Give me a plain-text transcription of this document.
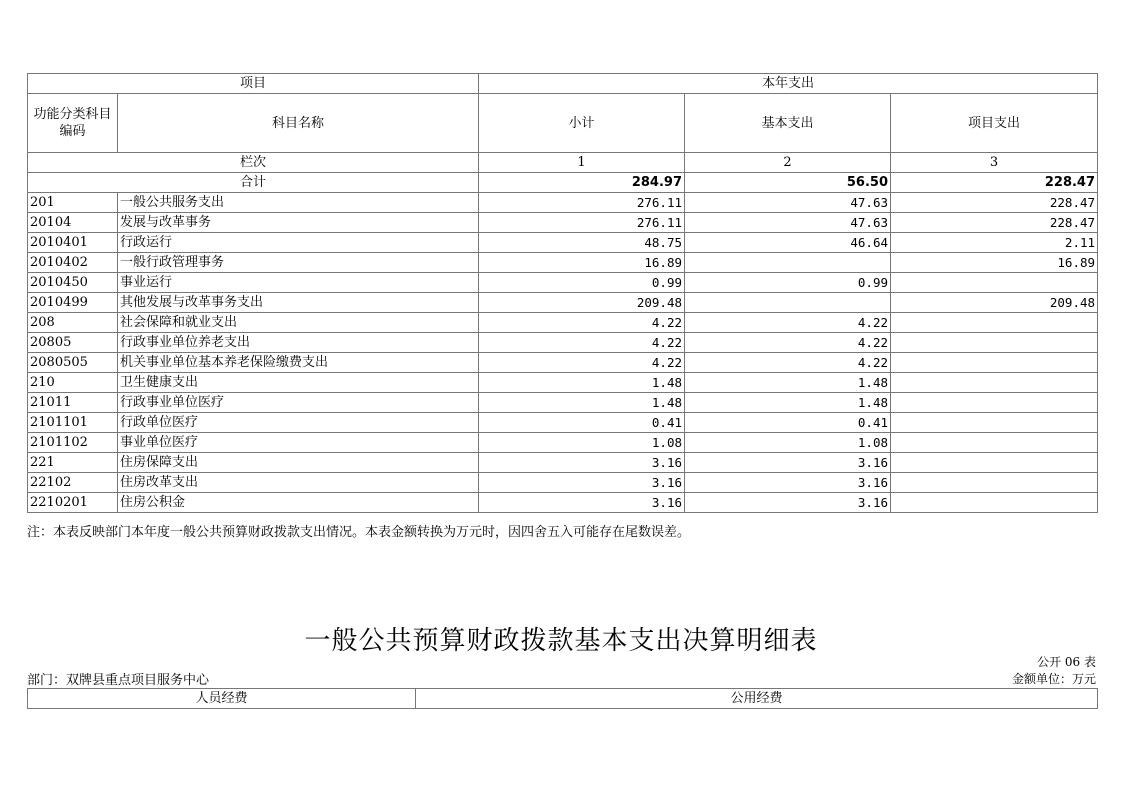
项目		本年支出		
功能分类科目编码	科目名称	小计	基本支出	项目支出
栏次		1	2	3
合计		284.97	56.50	228.47
201	一般公共服务支出	276.11	47.63	228.47
20104	发展与改革事务	276.11	47.63	228.47
2010401	行政运行	48.75	46.64	2.11
2010402	一般行政管理事务	16.89		16.89
2010450	事业运行	0.99	0.99	
2010499	其他发展与改革事务支出	209.48		209.48
208	社会保障和就业支出	4.22	4.22	
20805	行政事业单位养老支出	4.22	4.22	
2080505	机关事业单位基本养老保险缴费支出	4.22	4.22	
210	卫生健康支出	1.48	1.48	
21011	行政事业单位医疗	1.48	1.48	
2101101	行政单位医疗	0.41	0.41	
2101102	事业单位医疗	1.08	1.08	
221	住房保障支出	3.16	3.16	
22102	住房改革支出	3.16	3.16	
2210201	住房公积金	3.16	3.16	
注：本表反映部门本年度一般公共预算财政拨款支出情况。本表金额转换为万元时，因四舍五入可能存在尾数误差。
一般公共预算财政拨款基本支出决算明细表
公开 06 表
部门：双牌县重点项目服务中心	金额单位：万元
人员经费	公用经费
